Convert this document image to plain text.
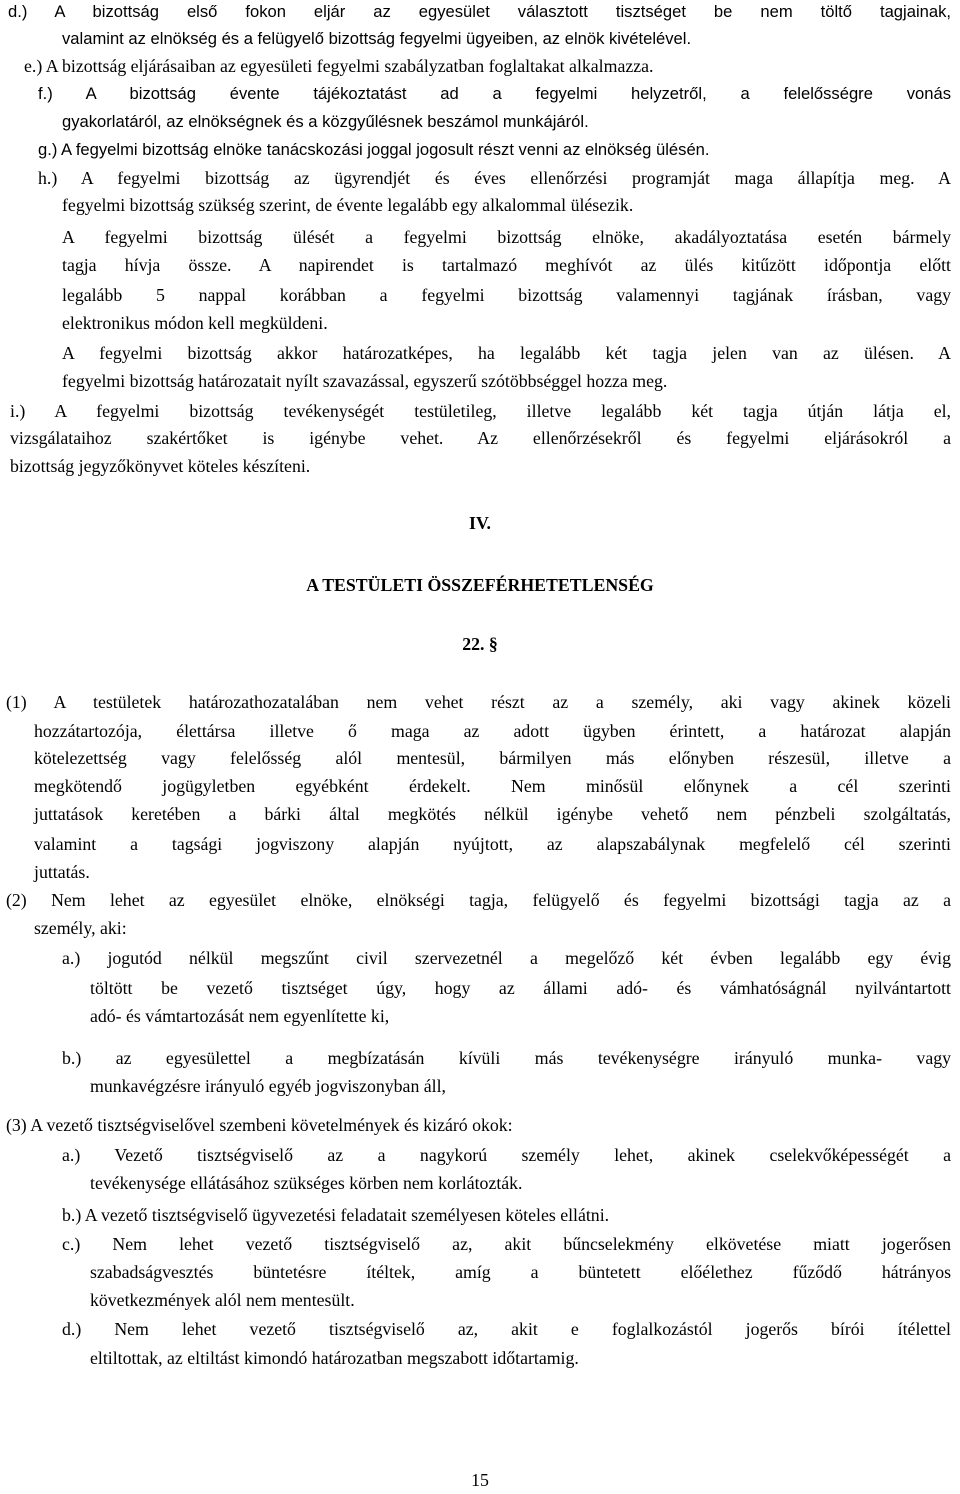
d.) A bizottság első fokon eljár az egyesület választott tisztséget be nem töltő tagjainak,
valamint az elnökség és a felügyelő bizottság fegyelmi ügyeiben, az elnök kivételével.
e.) A bizottság eljárásaiban az egyesületi fegyelmi szabályzatban foglaltakat alkalmazza.
f.) A bizottság évente tájékoztatást ad a fegyelmi helyzetről, a felelősségre vonás
gyakorlatáról, az elnökségnek és a közgyűlésnek beszámol munkájáról.
g.) A fegyelmi bizottság elnöke tanácskozási joggal jogosult részt venni az elnökség ülésén.
h.) A fegyelmi bizottság az ügyrendjét és éves ellenőrzési programját maga állapítja meg. A
fegyelmi bizottság szükség szerint, de évente legalább egy alkalommal ülésezik.
A fegyelmi bizottság ülését a fegyelmi bizottság elnöke, akadályoztatása esetén bármely
tagja hívja össze. A napirendet is tartalmazó meghívót az ülés kitűzött időpontja előtt
legalább 5 nappal korábban a fegyelmi bizottság valamennyi tagjának írásban, vagy
elektronikus módon kell megküldeni.
A fegyelmi bizottság akkor határozatképes, ha legalább két tagja jelen van az ülésen. A
fegyelmi bizottság határozatait nyílt szavazással, egyszerű szótöbbséggel hozza meg.
i.) A fegyelmi bizottság tevékenységét testületileg, illetve legalább két tagja útján látja el,
vizsgálataihoz szakértőket is igénybe vehet. Az ellenőrzésekről és fegyelmi eljárásokról a
bizottság jegyzőkönyvet köteles készíteni.
IV.
A TESTÜLETI ÖSSZEFÉRHETETLENSÉG
22. §
(1) A testületek határozathozatalában nem vehet részt az a személy, aki vagy akinek közeli
hozzátartozója, élettársa illetve ő maga az adott ügyben érintett, a határozat alapján
kötelezettség vagy felelősség alól mentesül, bármilyen más előnyben részesül, illetve a
megkötendő jogügyletben egyébként érdekelt. Nem minősül előnynek a cél szerinti
juttatások keretében a bárki által megkötés nélkül igénybe vehető nem pénzbeli szolgáltatás,
valamint a tagsági jogviszony alapján nyújtott, az alapszabálynak megfelelő cél szerinti
juttatás.
(2) Nem lehet az egyesület elnöke, elnökségi tagja, felügyelő és fegyelmi bizottsági tagja az a
személy, aki:
a.) jogutód nélkül megszűnt civil szervezetnél a megelőző két évben legalább egy évig
töltött be vezető tisztséget úgy, hogy az állami adó- és vámhatóságnál nyilvántartott
adó- és vámtartozását nem egyenlítette ki,
b.) az egyesülettel a megbízatásán kívüli más tevékenységre irányuló munka- vagy
munkavégzésre irányuló egyéb jogviszonyban áll,
(3) A vezető tisztségviselővel szembeni követelmények és kizáró okok:
a.) Vezető tisztségviselő az a nagykorú személy lehet, akinek cselekvőképességét a
tevékenysége ellátásához szükséges körben nem korlátozták.
b.) A vezető tisztségviselő ügyvezetési feladatait személyesen köteles ellátni.
c.) Nem lehet vezető tisztségviselő az, akit bűncselekmény elkövetése miatt jogerősen
szabadságvesztés büntetésre ítéltek, amíg a büntetett előélethez fűződő hátrányos
következmények alól nem mentesült.
d.) Nem lehet vezető tisztségviselő az, akit e foglalkozástól jogerős bírói ítélettel
eltiltottak, az eltiltást kimondó határozatban megszabott időtartamig.
15
